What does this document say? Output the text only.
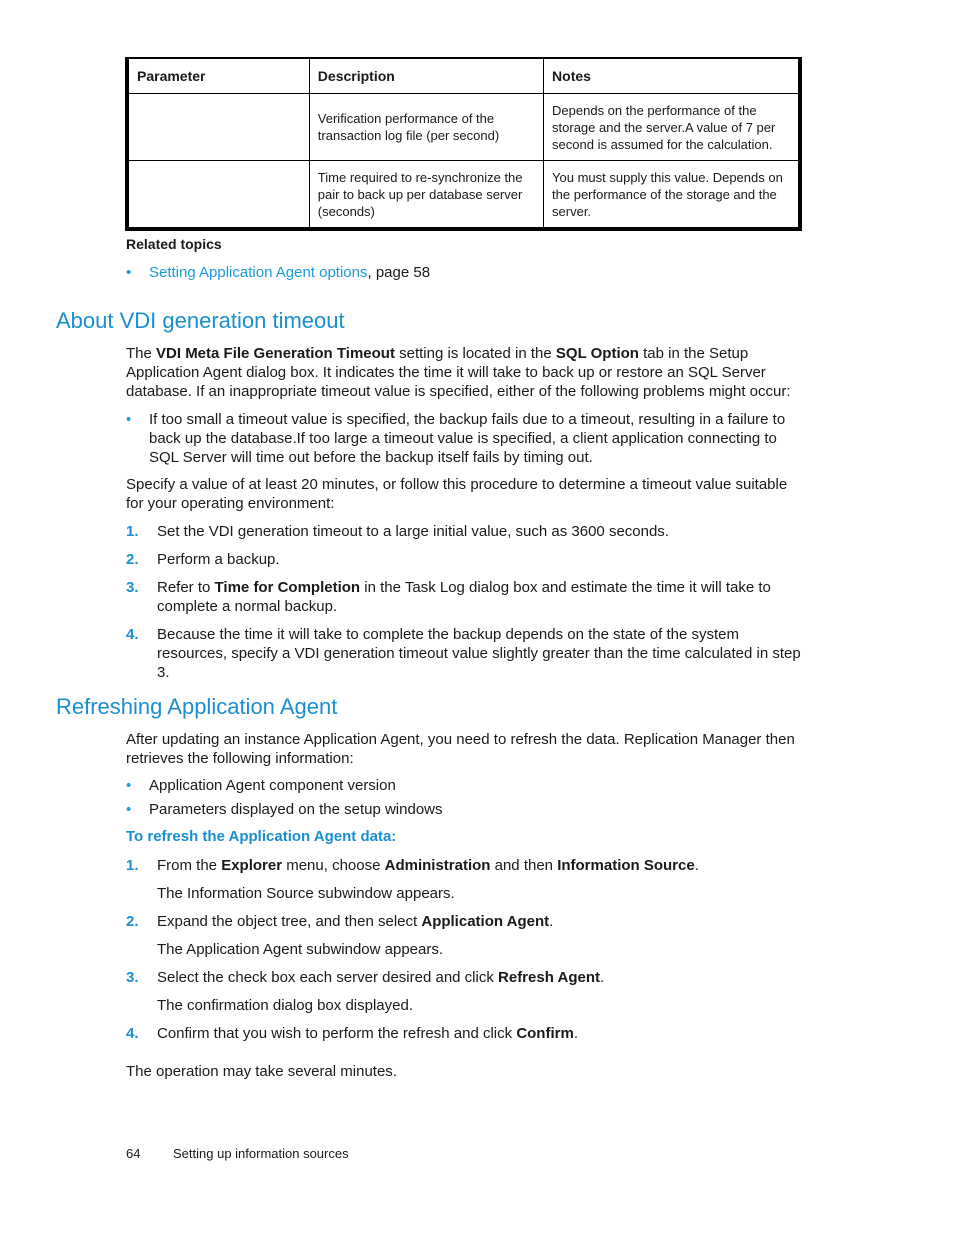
Parameter	Description	Notes
	Verification performance of the transaction log file (per second)	Depends on the performance of the storage and the server.A value of 7 per second is assumed for the calculation.
	Time required to re-synchronize the pair to back up per database server (seconds)	You must supply this value. Depends on the performance of the storage and the server.
Related topics
• Setting Application Agent options, page 58
About VDI generation timeout

The VDI Meta File Generation Timeout setting is located in the SQL Option tab in the Setup Application Agent dialog box. It indicates the time it will take to back up or restore an SQL Server database. If an inappropriate timeout value is specified, either of the following problems might occur:

• If too small a timeout value is specified, the backup fails due to a timeout, resulting in a failure to back up the database.If too large a timeout value is specified, a client application connecting to SQL Server will time out before the backup itself fails by timing out.

Specify a value of at least 20 minutes, or follow this procedure to determine a timeout value suitable for your operating environment:

1. Set the VDI generation timeout to a large initial value, such as 3600 seconds.
2. Perform a backup.
3. Refer to Time for Completion in the Task Log dialog box and estimate the time it will take to complete a normal backup.
4. Because the time it will take to complete the backup depends on the state of the system resources, specify a VDI generation timeout value slightly greater than the time calculated in step 3.
Refreshing Application Agent

After updating an instance Application Agent, you need to refresh the data. Replication Manager then retrieves the following information:

• Application Agent component version
• Parameters displayed on the setup windows
To refresh the Application Agent data:
1. From the Explorer menu, choose Administration and then Information Source.
The Information Source subwindow appears.
2. Expand the object tree, and then select Application Agent.
The Application Agent subwindow appears.
3. Select the check box each server desired and click Refresh Agent.
The confirmation dialog box displayed.
4. Confirm that you wish to perform the refresh and click Confirm.

The operation may take several minutes.

64	Setting up information sources
